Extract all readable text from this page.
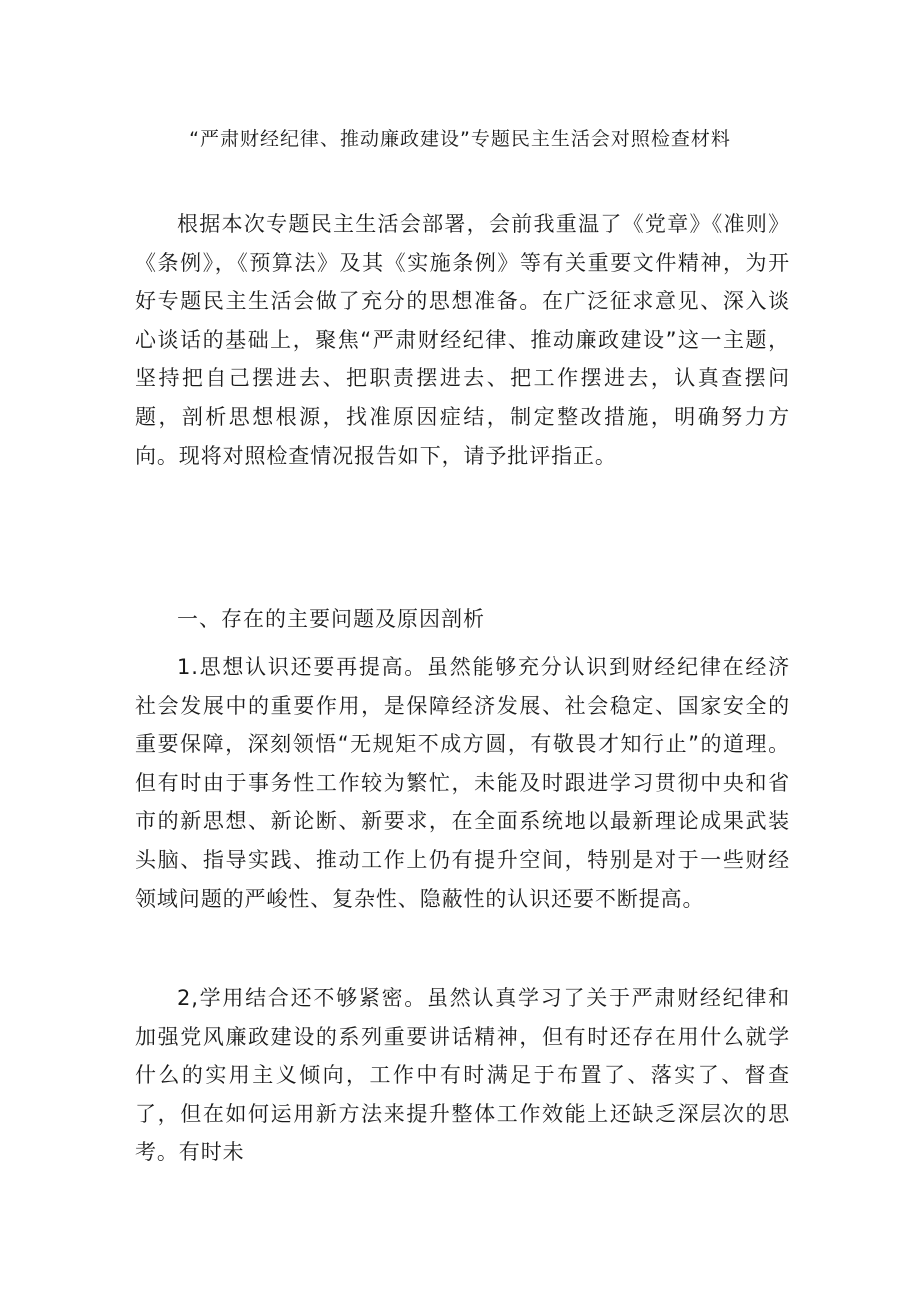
“严肃财经纪律、推动廉政建设”专题民主生活会对照检查材料

根据本次专题民主生活会部署，会前我重温了《党章》《准则》《条例》，《预算法》及其《实施条例》等有关重要文件精神，为开好专题民主生活会做了充分的思想准备。在广泛征求意见、深入谈心谈话的基础上，聚焦“严肃财经纪律、推动廉政建设”这一主题，坚持把自己摆进去、把职责摆进去、把工作摆进去，认真查摆问题，剖析思想根源，找准原因症结，制定整改措施，明确努力方向。现将对照检查情况报告如下，请予批评指正。

一、存在的主要问题及原因剖析

1.思想认识还要再提高。虽然能够充分认识到财经纪律在经济社会发展中的重要作用，是保障经济发展、社会稳定、国家安全的重要保障，深刻领悟“无规矩不成方圆，有敬畏才知行止”的道理。但有时由于事务性工作较为繁忙，未能及时跟进学习贯彻中央和省市的新思想、新论断、新要求，在全面系统地以最新理论成果武装头脑、指导实践、推动工作上仍有提升空间，特别是对于一些财经领域问题的严峻性、复杂性、隐蔽性的认识还要不断提高。

2,学用结合还不够紧密。虽然认真学习了关于严肃财经纪律和加强党风廉政建设的系列重要讲话精神，但有时还存在用什么就学什么的实用主义倾向，工作中有时满足于布置了、落实了、督查了，但在如何运用新方法来提升整体工作效能上还缺乏深层次的思考。有时未
